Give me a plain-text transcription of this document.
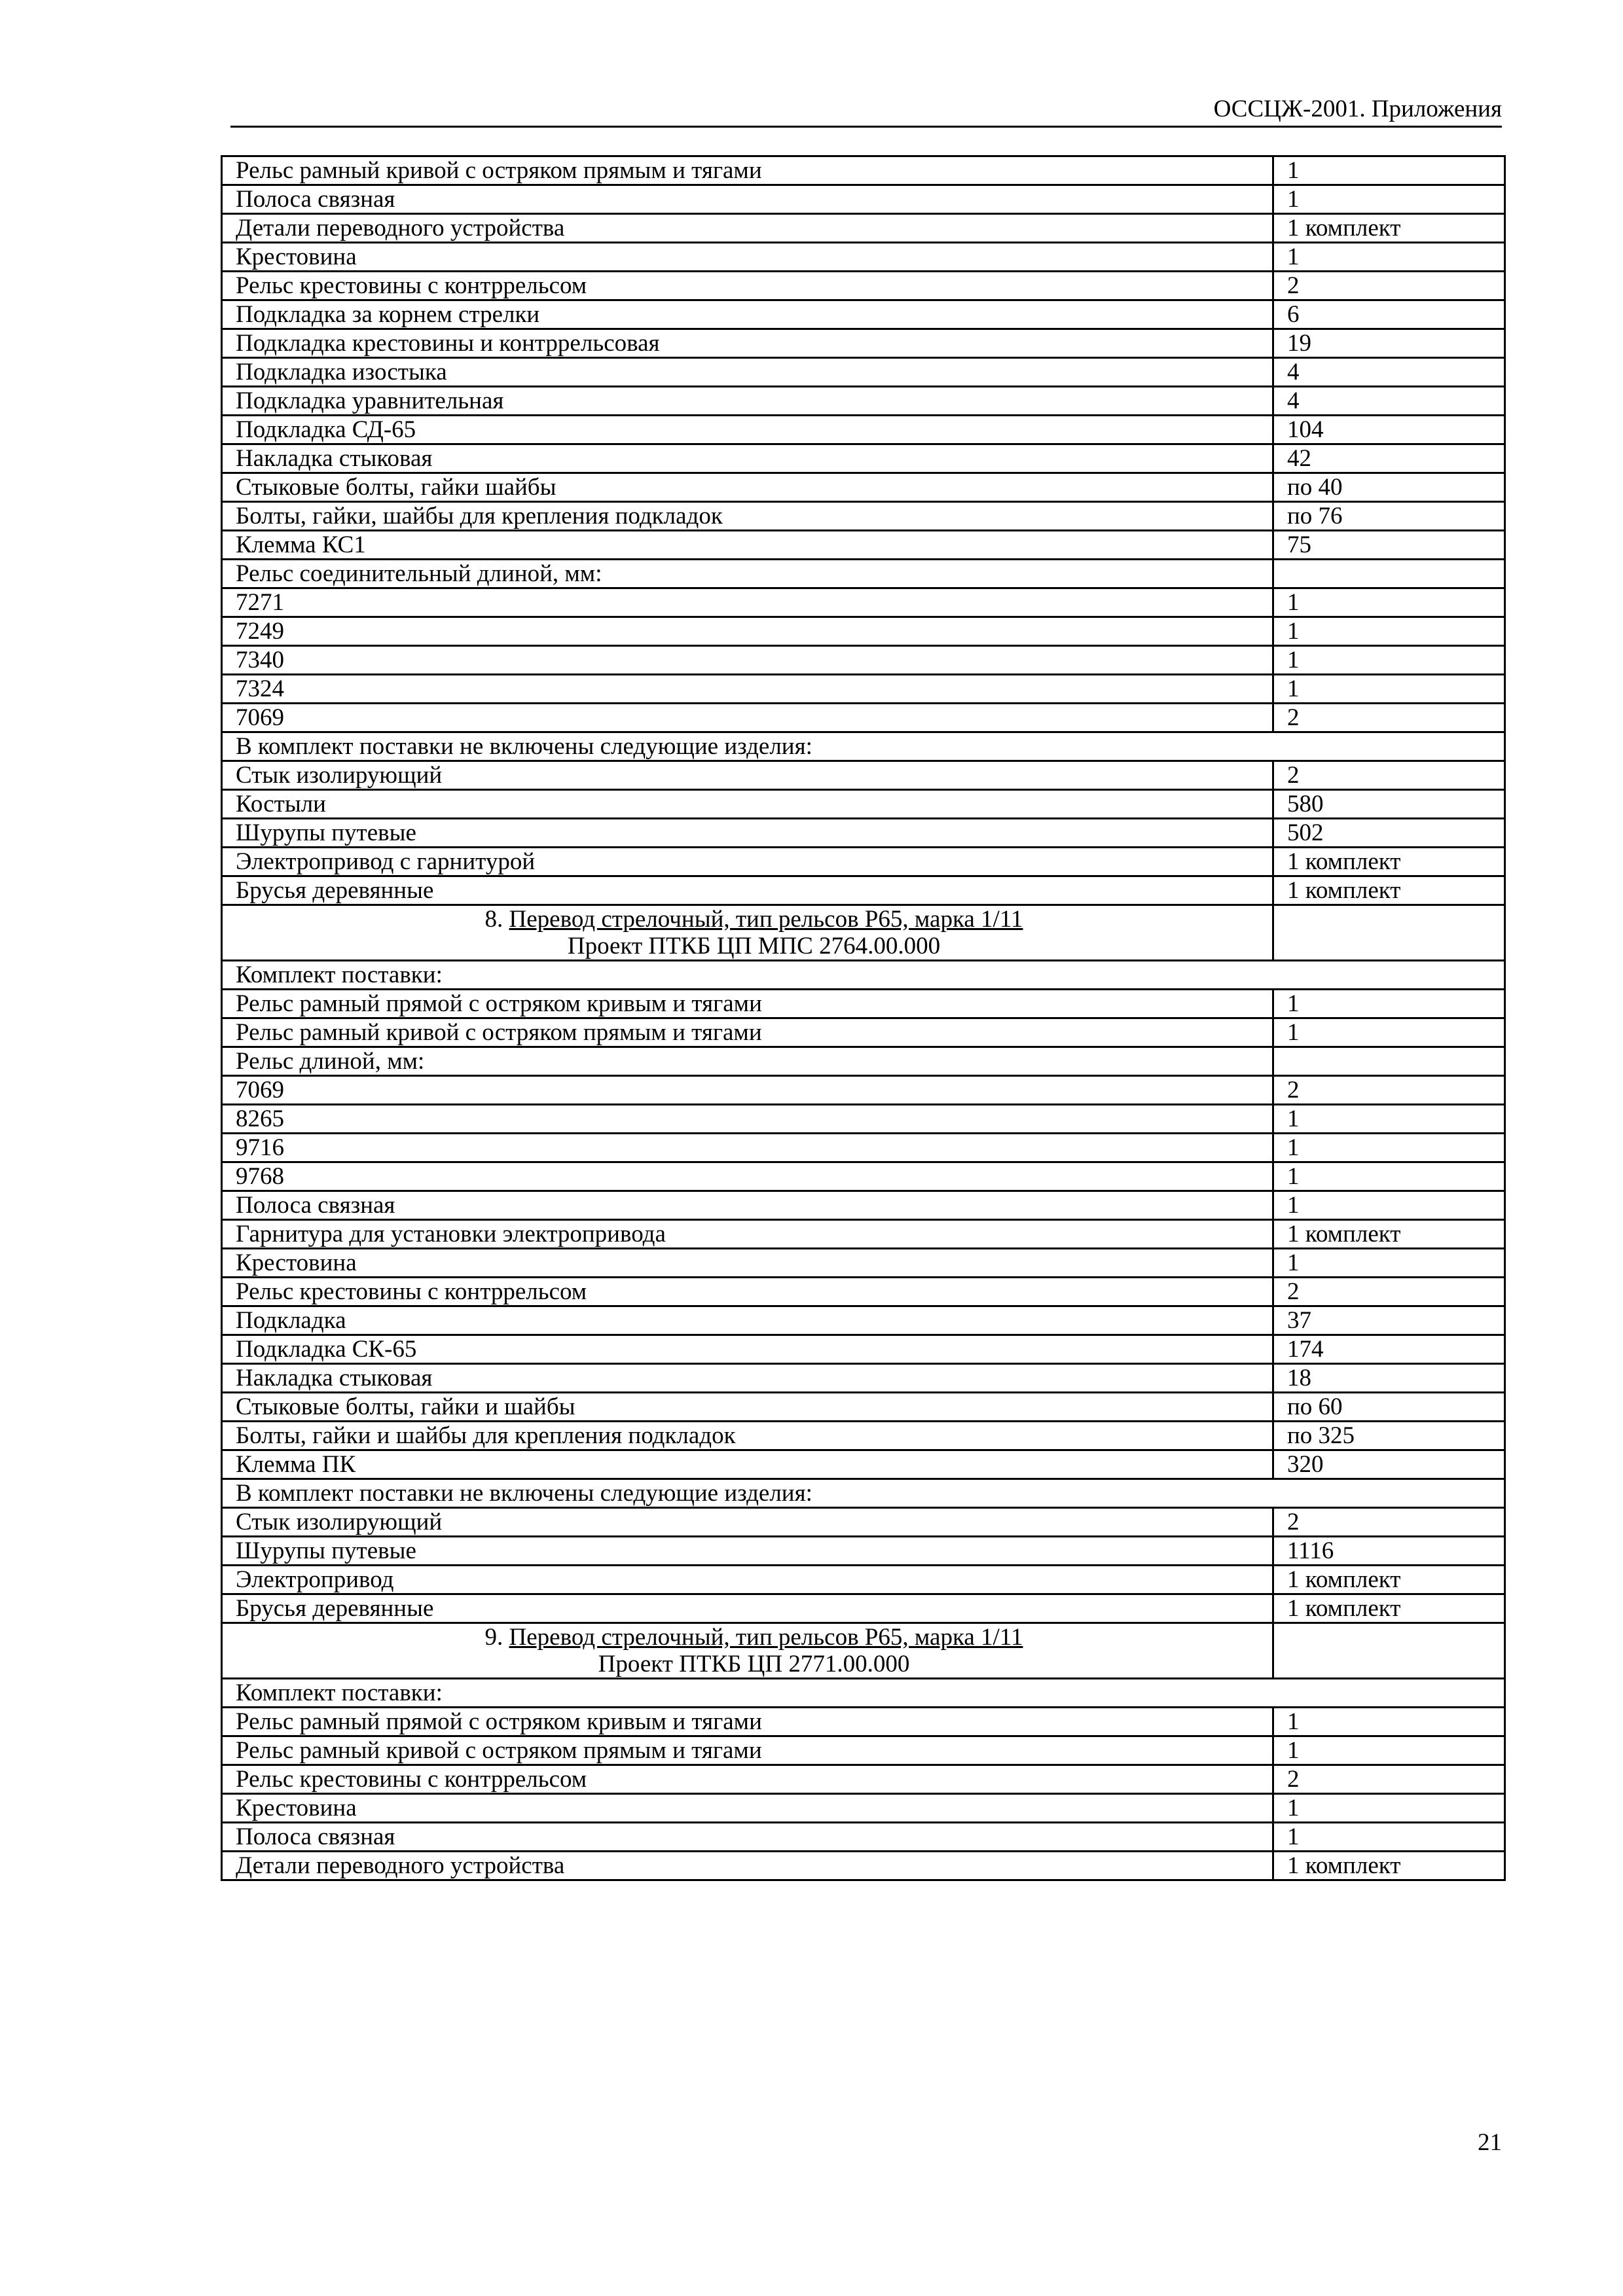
ОССЦЖ-2001. Приложения
Рельс рамный кривой с остряком прямым и тягами	1
Полоса связная	1
Детали переводного устройства	1 комплект
Крестовина	1
Рельс крестовины с контррельсом	2
Подкладка за корнем стрелки	6
Подкладка крестовины и контррельсовая	19
Подкладка изостыка	4
Подкладка уравнительная	4
Подкладка СД-65	104
Накладка стыковая	42
Стыковые болты, гайки шайбы	по 40
Болты, гайки, шайбы для крепления подкладок	по 76
Клемма КС1	75
Рельс соединительный длиной, мм:	
7271	1
7249	1
7340	1
7324	1
7069	2
В комплект поставки не включены следующие изделия:	
Стык изолирующий	2
Костыли	580
Шурупы путевые	502
Электропривод с гарнитурой	1 комплект
Брусья деревянные	1 комплект

8. Перевод стрелочный, тип рельсов Р65, марка 1/11
Проект ПТКБ ЦП МПС 2764.00.000	

Комплект поставки:	
Рельс рамный прямой с остряком кривым и тягами	1
Рельс рамный кривой с остряком прямым и тягами	1
Рельс длиной, мм:	
7069	2
8265	1
9716	1
9768	1
Полоса связная	1
Гарнитура для установки электропривода	1 комплект
Крестовина	1
Рельс крестовины с контррельсом	2
Подкладка	37
Подкладка СК-65	174
Накладка стыковая	18
Стыковые болты, гайки и шайбы	по 60
Болты, гайки и шайбы для крепления подкладок	по 325
Клемма ПК	320
В комплект поставки не включены следующие изделия:	
Стык изолирующий	2
Шурупы путевые	1116
Электропривод	1 комплект
Брусья деревянные	1 комплект

9. Перевод стрелочный, тип рельсов Р65, марка 1/11
Проект ПТКБ ЦП 2771.00.000	

Комплект поставки:	
Рельс рамный прямой с остряком кривым и тягами	1
Рельс рамный кривой с остряком прямым и тягами	1
Рельс крестовины с контррельсом	2
Крестовина	1
Полоса связная	1
Детали переводного устройства	1 комплект
21
